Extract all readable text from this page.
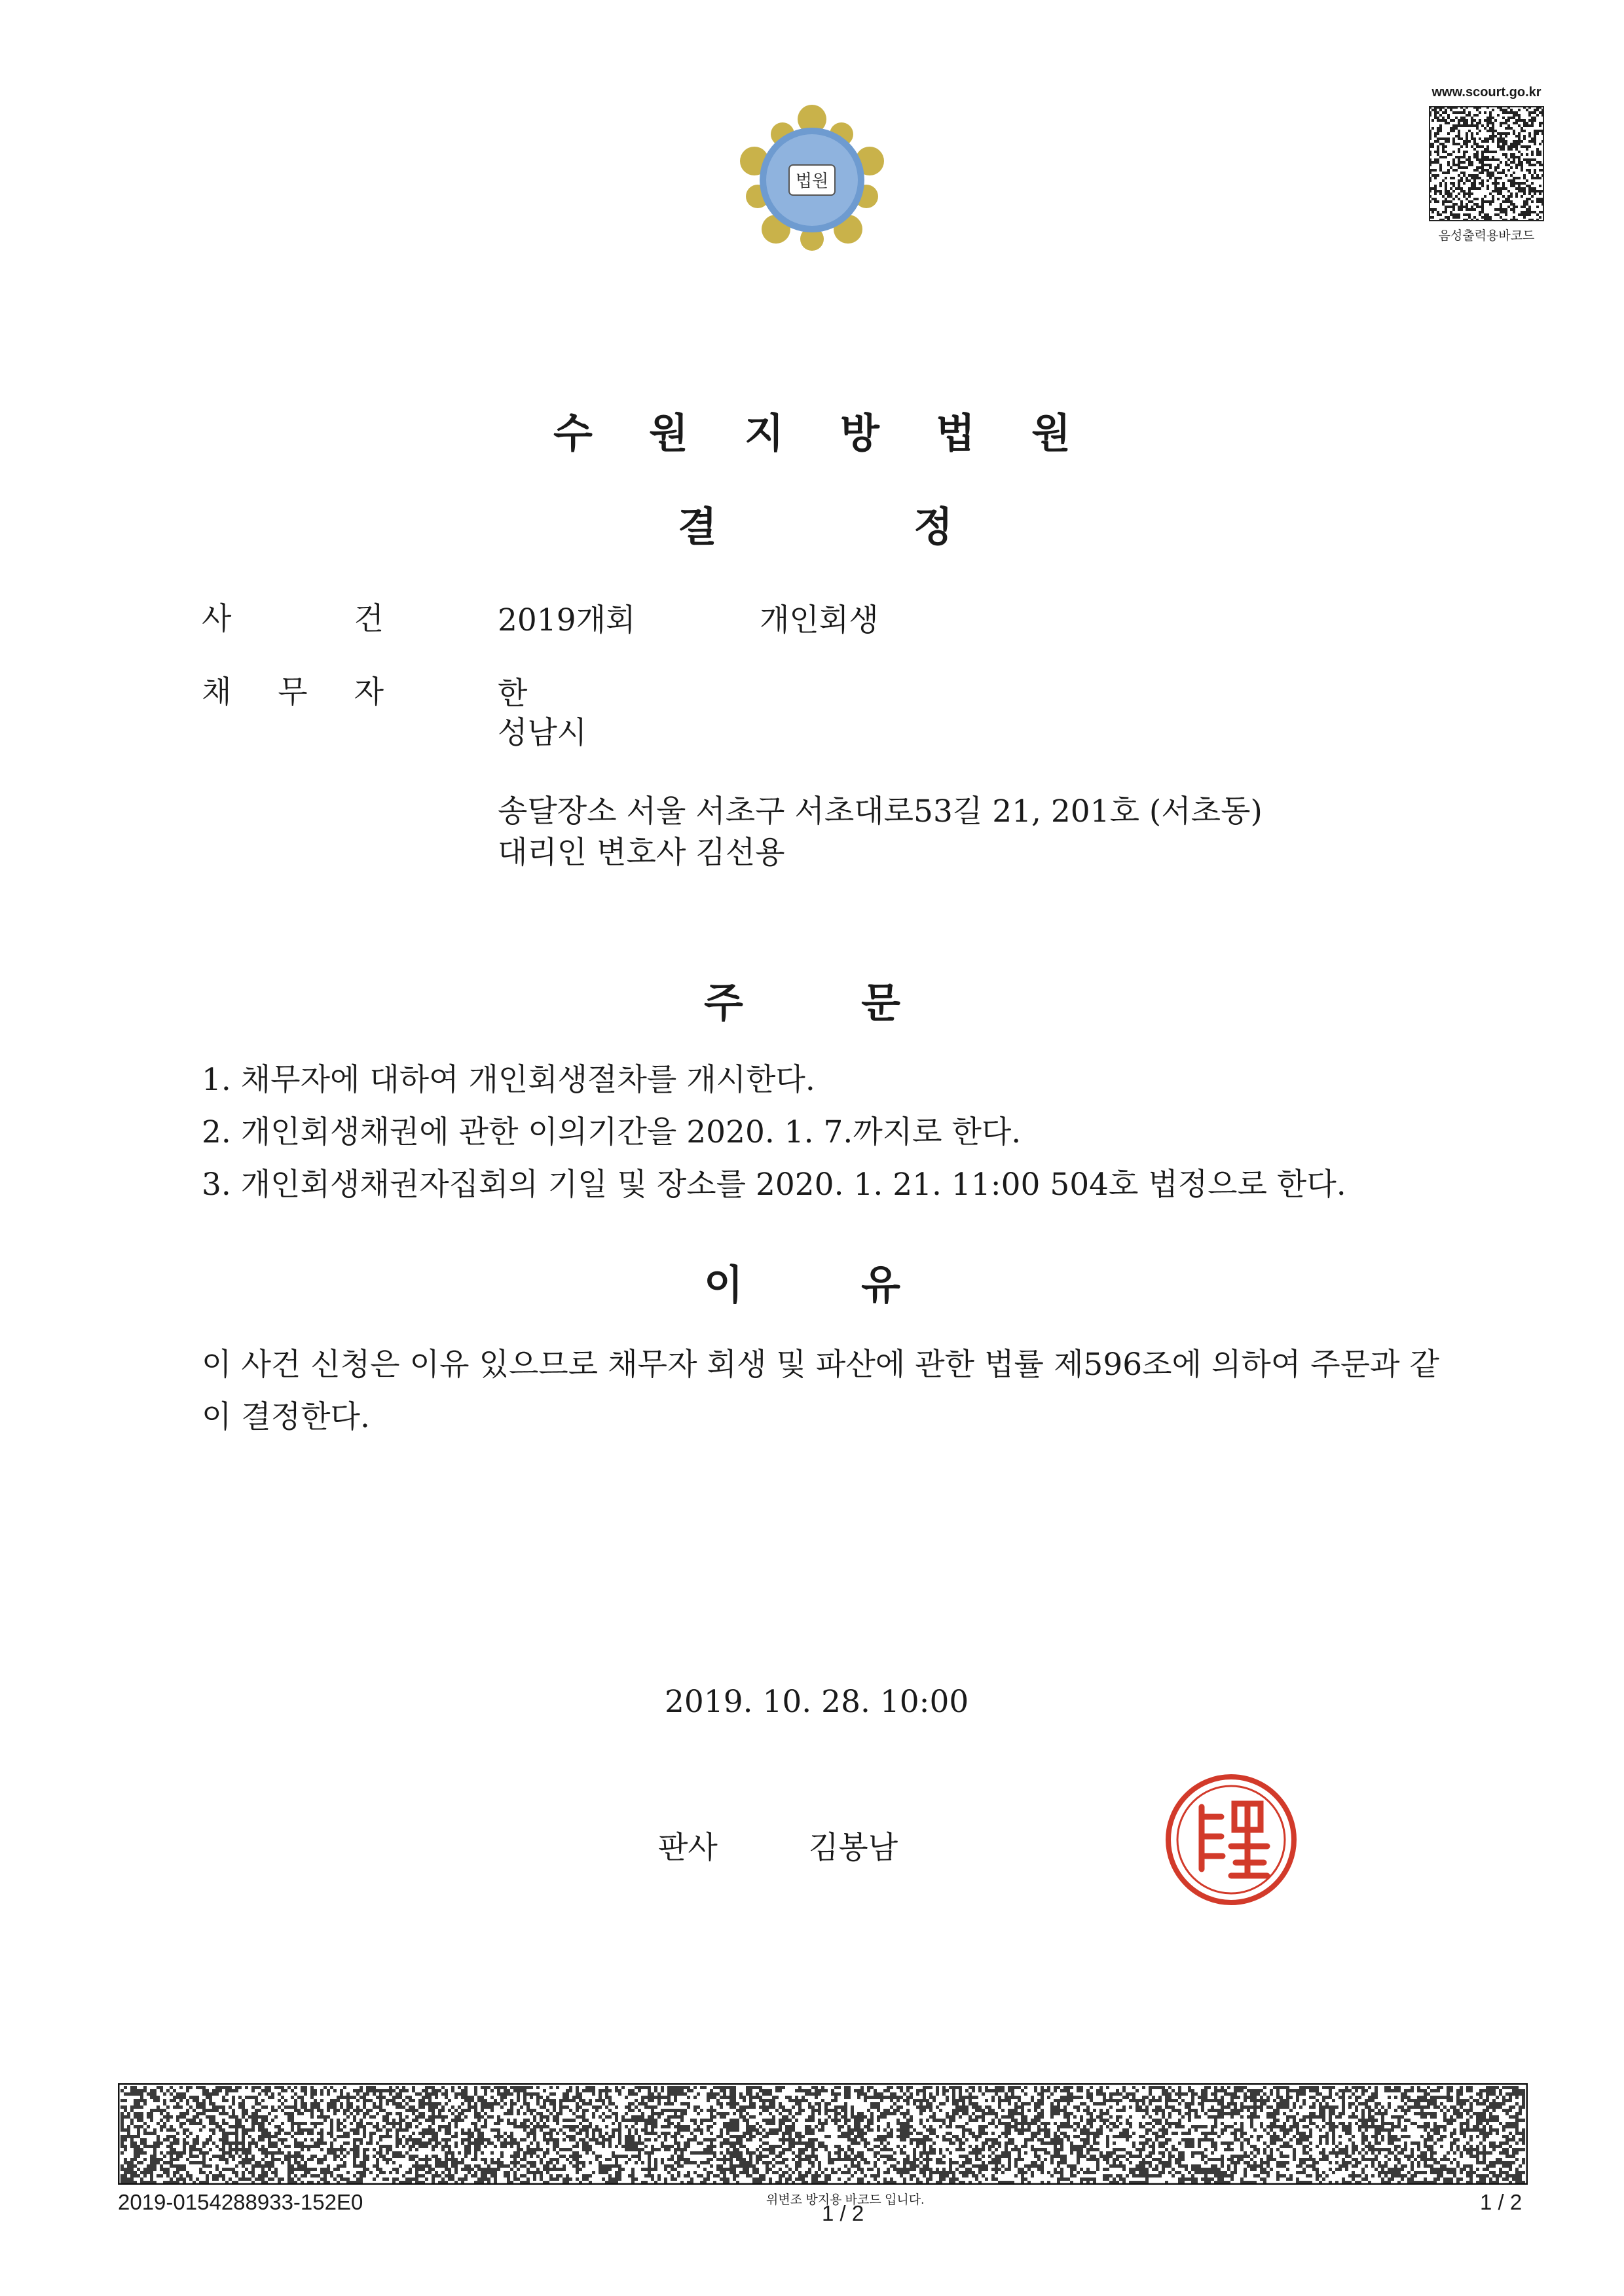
법원
www.scourt.go.kr
음성출력용바코드
수 원 지 방 법 원
결	정
사	건	2019개회	개인회생
채 무 자	한
성남시
송달장소 서울 서초구 서초대로53길 21, 201호 (서초동)
대리인 변호사 김선용
주	문
1. 채무자에 대하여 개인회생절차를 개시한다.
2. 개인회생채권에 관한 이의기간을 2020. 1. 7.까지로 한다.
3. 개인회생채권자집회의 기일 및 장소를 2020. 1. 21. 11:00 504호 법정으로 한다.
이	유
이 사건 신청은 이유 있으므로 채무자 회생 및 파산에 관한 법률 제596조에 의하여 주문과 같이 결정한다.
2019. 10. 28. 10:00
판사	김봉남
2019-0154288933-152E0	위변조 방지용 바코드 입니다.
1 / 2	1 / 2
